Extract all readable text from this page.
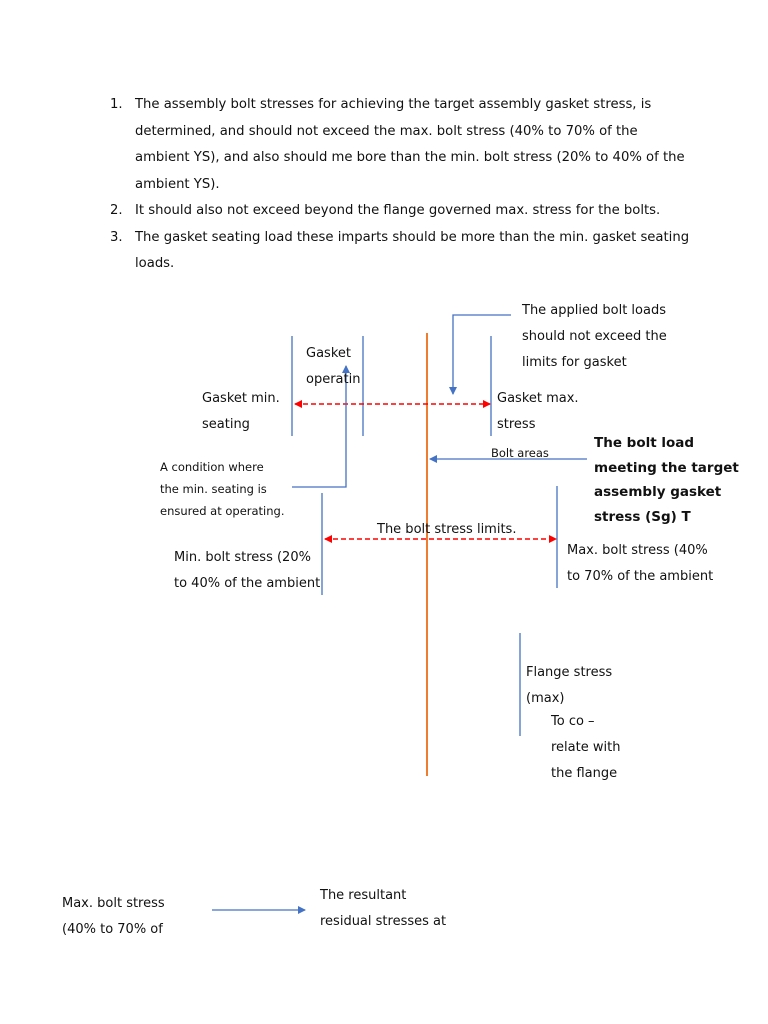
1. The assembly bolt stresses for achieving the target assembly gasket stress, is determined, and should not exceed the max. bolt stress (40% to 70% of the ambient YS), and also should me bore than the min. bolt stress (20% to 40% of the ambient YS).
2. It should also not exceed beyond the flange governed max. stress for the bolts.
3. The gasket seating load these imparts should be more than the min. gasket seating loads.
The applied bolt loads
should not exceed the
limits for gasket
Gasket
operatin
Gasket min.
seating
Gasket max.
stress
Bolt areas
The bolt load
meeting the target
assembly gasket
stress (Sg) T
A condition where
the min. seating is
ensured at operating.
The bolt stress limits.
Min. bolt stress (20%
to 40% of the ambient
Max. bolt stress (40%
to 70% of the ambient
Flange stress
(max)
To co –
relate with
the flange
Max. bolt stress
(40% to 70% of
The resultant
residual stresses at
